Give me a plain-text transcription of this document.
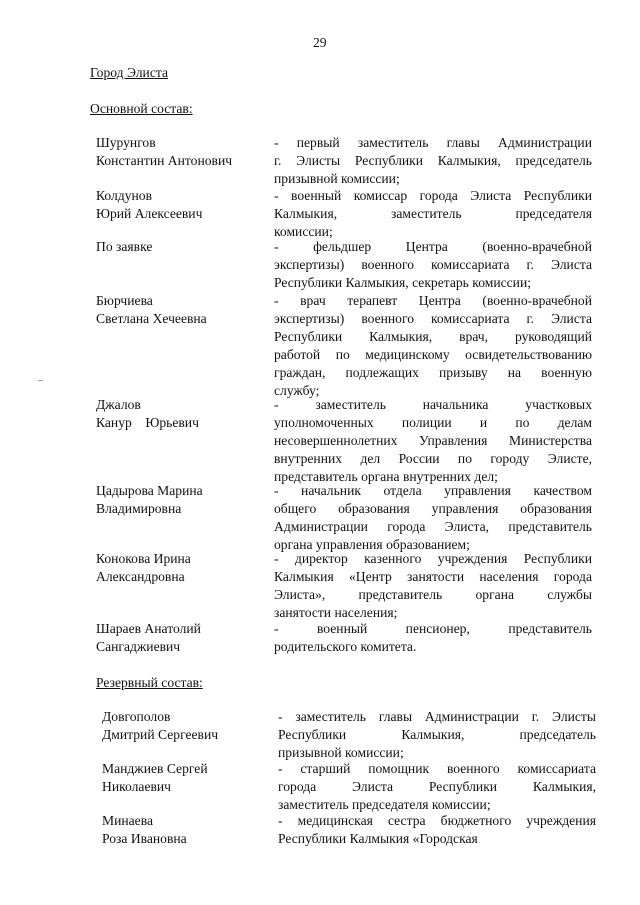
29
Город Элиста
Основной состав:
Шурунгов
Константин Антонович
- первый заместитель главы Администрации
г. Элисты Республики Калмыкия, председатель
призывной комиссии;
Колдунов
Юрий Алексеевич
- военный комиссар города Элиста Республики
Калмыкия, заместитель председателя
комиссии;
По заявке	- фельдшер Центра (военно-врачебной
экспертизы) военного комиссариата г. Элиста
Республики Калмыкия, секретарь комиссии;
Бюрчиева
Светлана Хечеевна
- врач терапевт Центра (военно-врачебной
экспертизы) военного комиссариата г. Элиста
Республики Калмыкия, врач, руководящий
работой по медицинскому освидетельствованию
граждан, подлежащих призыву на военную
службу;
Джалов
Канур    Юрьевич
- заместитель начальника участковых
уполномоченных полиции и по делам
несовершеннолетних Управления Министерства
внутренних дел России по городу Элисте,
представитель органа внутренних дел;
Цадырова Марина
Владимировна
- начальник отдела управления качеством
общего образования управления образования
Администрации города Элиста, представитель
органа управления образованием;
Конокова Ирина
Александровна
- директор казенного учреждения Республики
Калмыкия «Центр занятости населения города
Элиста», представитель органа службы
занятости населения;
Шараев Анатолий
Сангаджиевич
- военный пенсионер, представитель
родительского комитета.
Резервный состав:
Довгополов
Дмитрий Сергеевич
- заместитель главы Администрации г. Элисты
Республики Калмыкия, председатель
призывной комиссии;
Манджиев Сергей
Николаевич
- старший помощник военного комиссариата
города Элиста Республики Калмыкия,
заместитель председателя комиссии;
Минаева
Роза Ивановна
- медицинская сестра бюджетного учреждения
Республики Калмыкия «Городская
